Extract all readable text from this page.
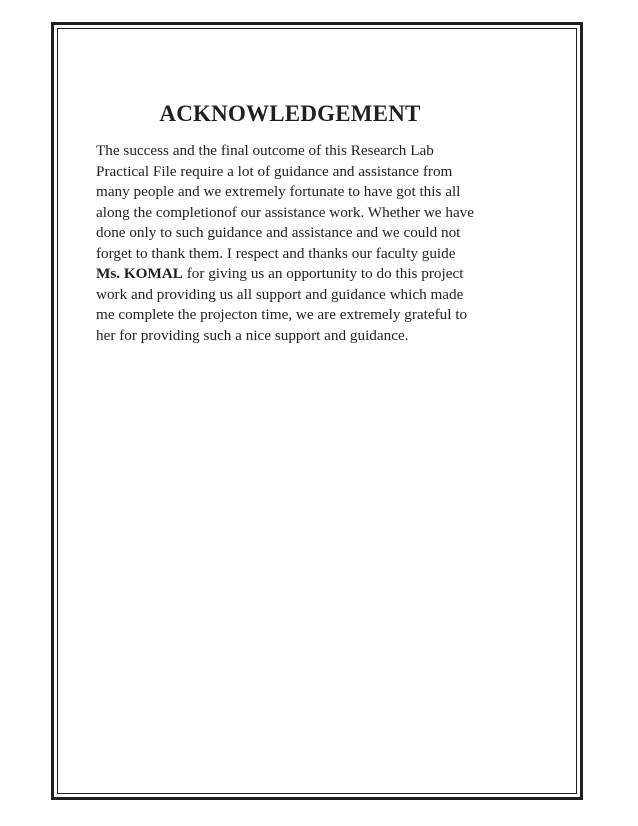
ACKNOWLEDGEMENT

The success and the final outcome of this Research Lab
Practical File require a lot of guidance and assistance from
many people and we extremely fortunate to have got this all
along the completionof our assistance work. Whether we have
done only to such guidance and assistance and we could not
forget to thank them. I respect and thanks our faculty guide
Ms. KOMAL for giving us an opportunity to do this project
work and providing us all support and guidance which made
me complete the projecton time, we are extremely grateful to
her for providing such a nice support and guidance.
